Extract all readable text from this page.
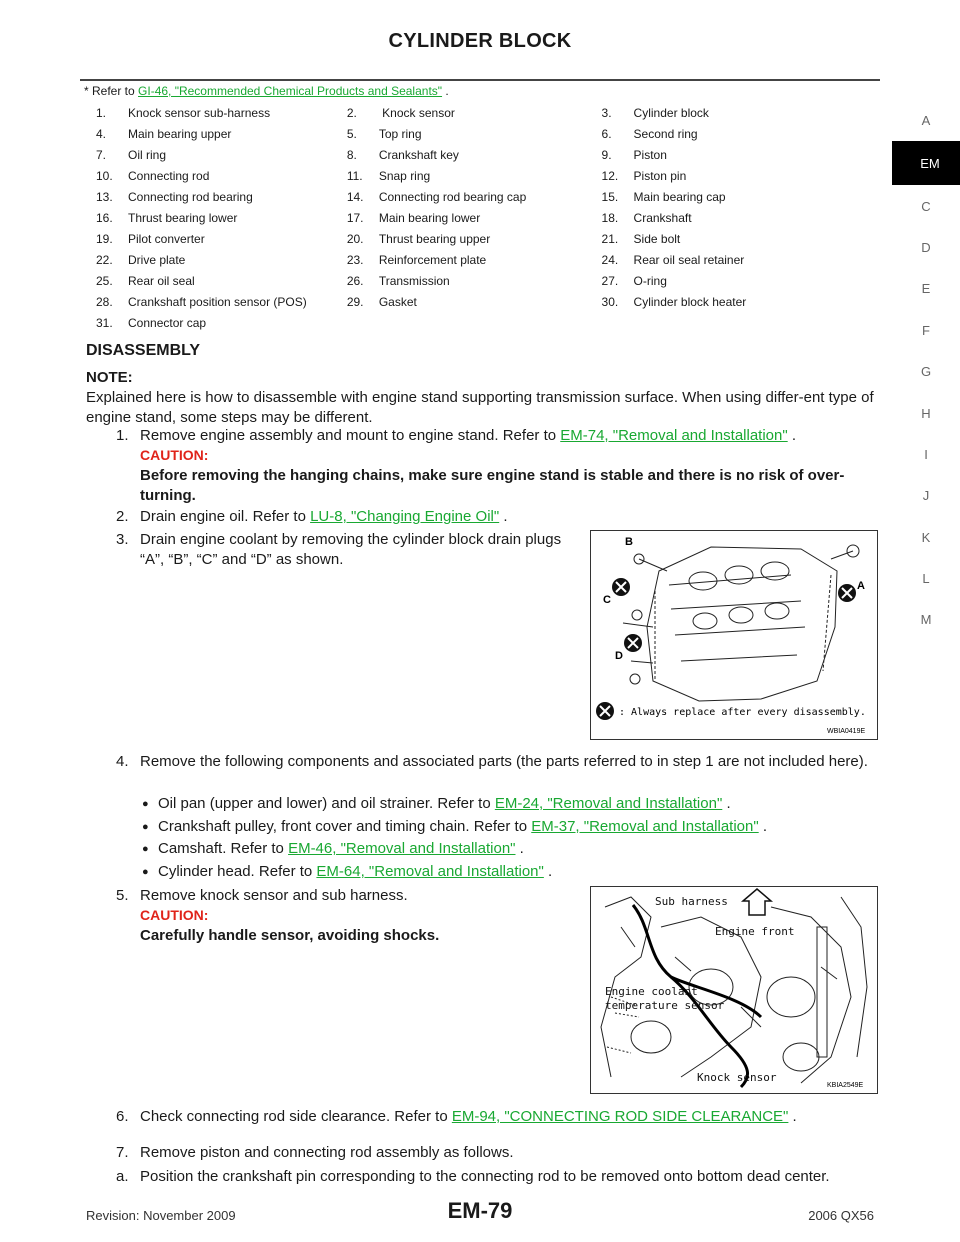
CYLINDER BLOCK
* Refer to GI-46, "Recommended Chemical Products and Sealants" .
1.	Knock sensor sub-harness	2.	Knock sensor	3.	Cylinder block
4.	Main bearing upper	5.	Top ring	6.	Second ring
7.	Oil ring	8.	Crankshaft key	9.	Piston
10.	Connecting rod	11.	Snap ring	12.	Piston pin
13.	Connecting rod bearing	14.	Connecting rod bearing cap	15.	Main bearing cap
16.	Thrust bearing lower	17.	Main bearing lower	18.	Crankshaft
19.	Pilot converter	20.	Thrust bearing upper	21.	Side bolt
22.	Drive plate	23.	Reinforcement plate	24.	Rear oil seal retainer
25.	Rear oil seal	26.	Transmission	27.	O-ring
28.	Crankshaft position sensor (POS)	29.	Gasket	30.	Cylinder block heater
31.	Connector cap
A
EM
C
D
E
F
G
H
I
J
K
L
M
DISASSEMBLY
NOTE:
Explained here is how to disassemble with engine stand supporting transmission surface. When using differ-ent type of engine stand, some steps may be different.
1. Remove engine assembly and mount to engine stand. Refer to EM-74, "Removal and Installation" .
CAUTION:
Before removing the hanging chains, make sure engine stand is stable and there is no risk of over-turning.
2. Drain engine oil. Refer to LU-8, "Changing Engine Oil" .
3. Drain engine coolant by removing the cylinder block drain plugs “A”, “B”, “C” and “D” as shown.
B
C
D
A
: Always replace after every disassembly.
WBIA0419E
4. Remove the following components and associated parts (the parts referred to in step 1 are not included here).
● Oil pan (upper and lower) and oil strainer. Refer to EM-24, "Removal and Installation" .
● Crankshaft pulley, front cover and timing chain. Refer to EM-37, "Removal and Installation" .
● Camshaft. Refer to EM-46, "Removal and Installation" .
● Cylinder head. Refer to EM-64, "Removal and Installation" .
5. Remove knock sensor and sub harness.
CAUTION:
Carefully handle sensor, avoiding shocks.
Sub harness
Engine front
Engine coolant
temperature sensor
Knock sensor
KBIA2549E
6. Check connecting rod side clearance. Refer to EM-94, "CONNECTING ROD SIDE CLEARANCE" .
7. Remove piston and connecting rod assembly as follows.
a. Position the crankshaft pin corresponding to the connecting rod to be removed onto bottom dead center.
Revision: November 2009	EM-79	2006 QX56
